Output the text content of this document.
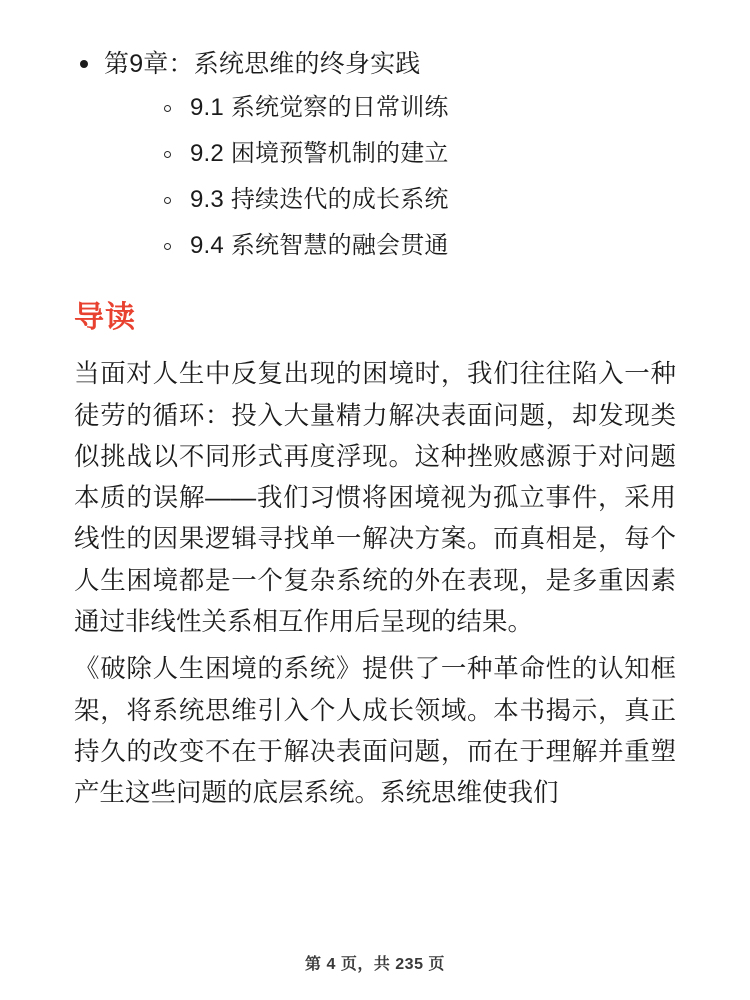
第9章：系统思维的终身实践
9.1 系统觉察的日常训练
9.2 困境预警机制的建立
9.3 持续迭代的成长系统
9.4 系统智慧的融会贯通
导读

当面对人生中反复出现的困境时，我们往往陷入一种徒劳的循环：投入大量精力解决表面问题，却发现类似挑战以不同形式再度浮现。这种挫败感源于对问题本质的误解——我们习惯将困境视为孤立事件，采用线性的因果逻辑寻找单一解决方案。而真相是，每个人生困境都是一个复杂系统的外在表现，是多重因素通过非线性关系相互作用后呈现的结果。

《破除人生困境的系统》提供了一种革命性的认知框架，将系统思维引入个人成长领域。本书揭示，真正持久的改变不在于解决表面问题，而在于理解并重塑产生这些问题的底层系统。系统思维使我们

第 4 页，共 235 页
